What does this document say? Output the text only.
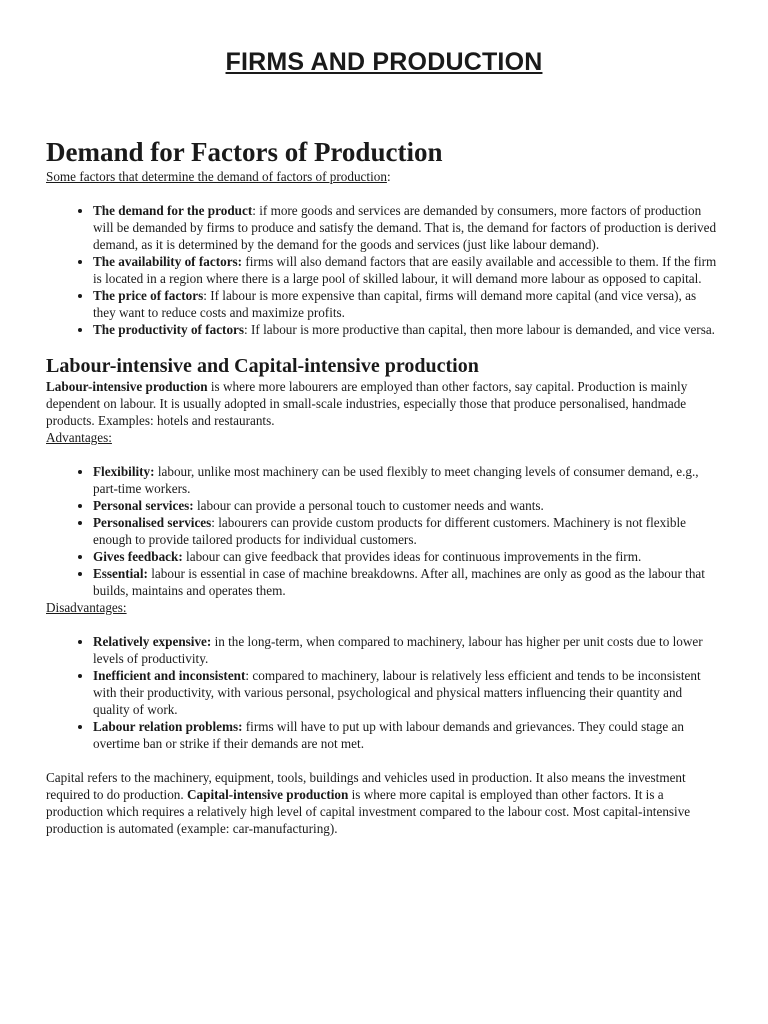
FIRMS AND PRODUCTION
Demand for Factors of Production

Some factors that determine the demand of factors of production:

• The demand for the product: if more goods and services are demanded by consumers, more factors of production will be demanded by firms to produce and satisfy the demand. That is, the demand for factors of production is derived demand, as it is determined by the demand for the goods and services (just like labour demand).
• The availability of factors: firms will also demand factors that are easily available and accessible to them. If the firm is located in a region where there is a large pool of skilled labour, it will demand more labour as opposed to capital.
• The price of factors: If labour is more expensive than capital, firms will demand more capital (and vice versa), as they want to reduce costs and maximize profits.
• The productivity of factors: If labour is more productive than capital, then more labour is demanded, and vice versa.
Labour-intensive and Capital-intensive production

Labour-intensive production is where more labourers are employed than other factors, say capital. Production is mainly dependent on labour. It is usually adopted in small-scale industries, especially those that produce personalised, handmade products. Examples: hotels and restaurants.

Advantages:

• Flexibility: labour, unlike most machinery can be used flexibly to meet changing levels of consumer demand, e.g., part-time workers.
• Personal services: labour can provide a personal touch to customer needs and wants.
• Personalised services: labourers can provide custom products for different customers. Machinery is not flexible enough to provide tailored products for individual customers.
• Gives feedback: labour can give feedback that provides ideas for continuous improvements in the firm.
• Essential: labour is essential in case of machine breakdowns. After all, machines are only as good as the labour that builds, maintains and operates them.

Disadvantages:

• Relatively expensive: in the long-term, when compared to machinery, labour has higher per unit costs due to lower levels of productivity.
• Inefficient and inconsistent: compared to machinery, labour is relatively less efficient and tends to be inconsistent with their productivity, with various personal, psychological and physical matters influencing their quantity and quality of work.
• Labour relation problems: firms will have to put up with labour demands and grievances. They could stage an overtime ban or strike if their demands are not met.

Capital refers to the machinery, equipment, tools, buildings and vehicles used in production. It also means the investment required to do production. Capital-intensive production is where more capital is employed than other factors. It is a production which requires a relatively high level of capital investment compared to the labour cost. Most capital-intensive production is automated (example: car-manufacturing).
